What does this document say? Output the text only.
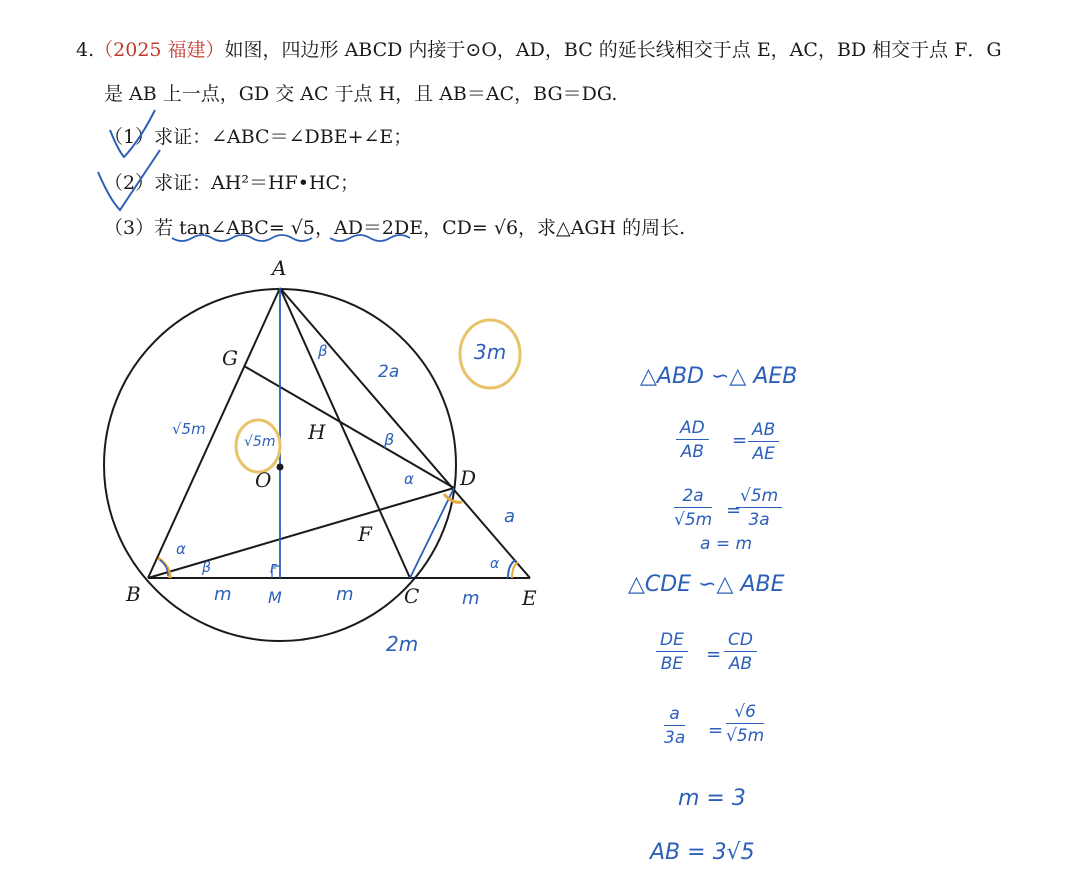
4.（2025 福建）如图，四边形 ABCD 内接于⊙O，AD，BC 的延长线相交于点 E，AC，BD 相交于点 F．G
是 AB 上一点，GD 交 AC 于点 H，且 AB＝AC，BG＝DG.
（1）求证：∠ABC＝∠DBE+∠E；
（2）求证：AH²＝HF•HC；
（3）若 tan∠ABC= √5，AD＝2DE，CD= √6，求△AGH 的周长.
A
G
H
O	D
F
B	C	E
√5m
√5m
2a
a
3m
β
β
α
α
β	α
F
m M	m	m
2m
△ABD ∽△ AEB
$\frac{AD}{AB} = \frac{AB}{AE}$
$\frac{2a}{√5m}$ =
$\frac{√5m}{3a}$
a = m
△CDE ∽△ ABE
$\frac{DE}{BE} = \frac{CD}{AB}$
$\frac{a}{3a} = \frac{√6}{√5m}$
m = 3
AB = 3√5
